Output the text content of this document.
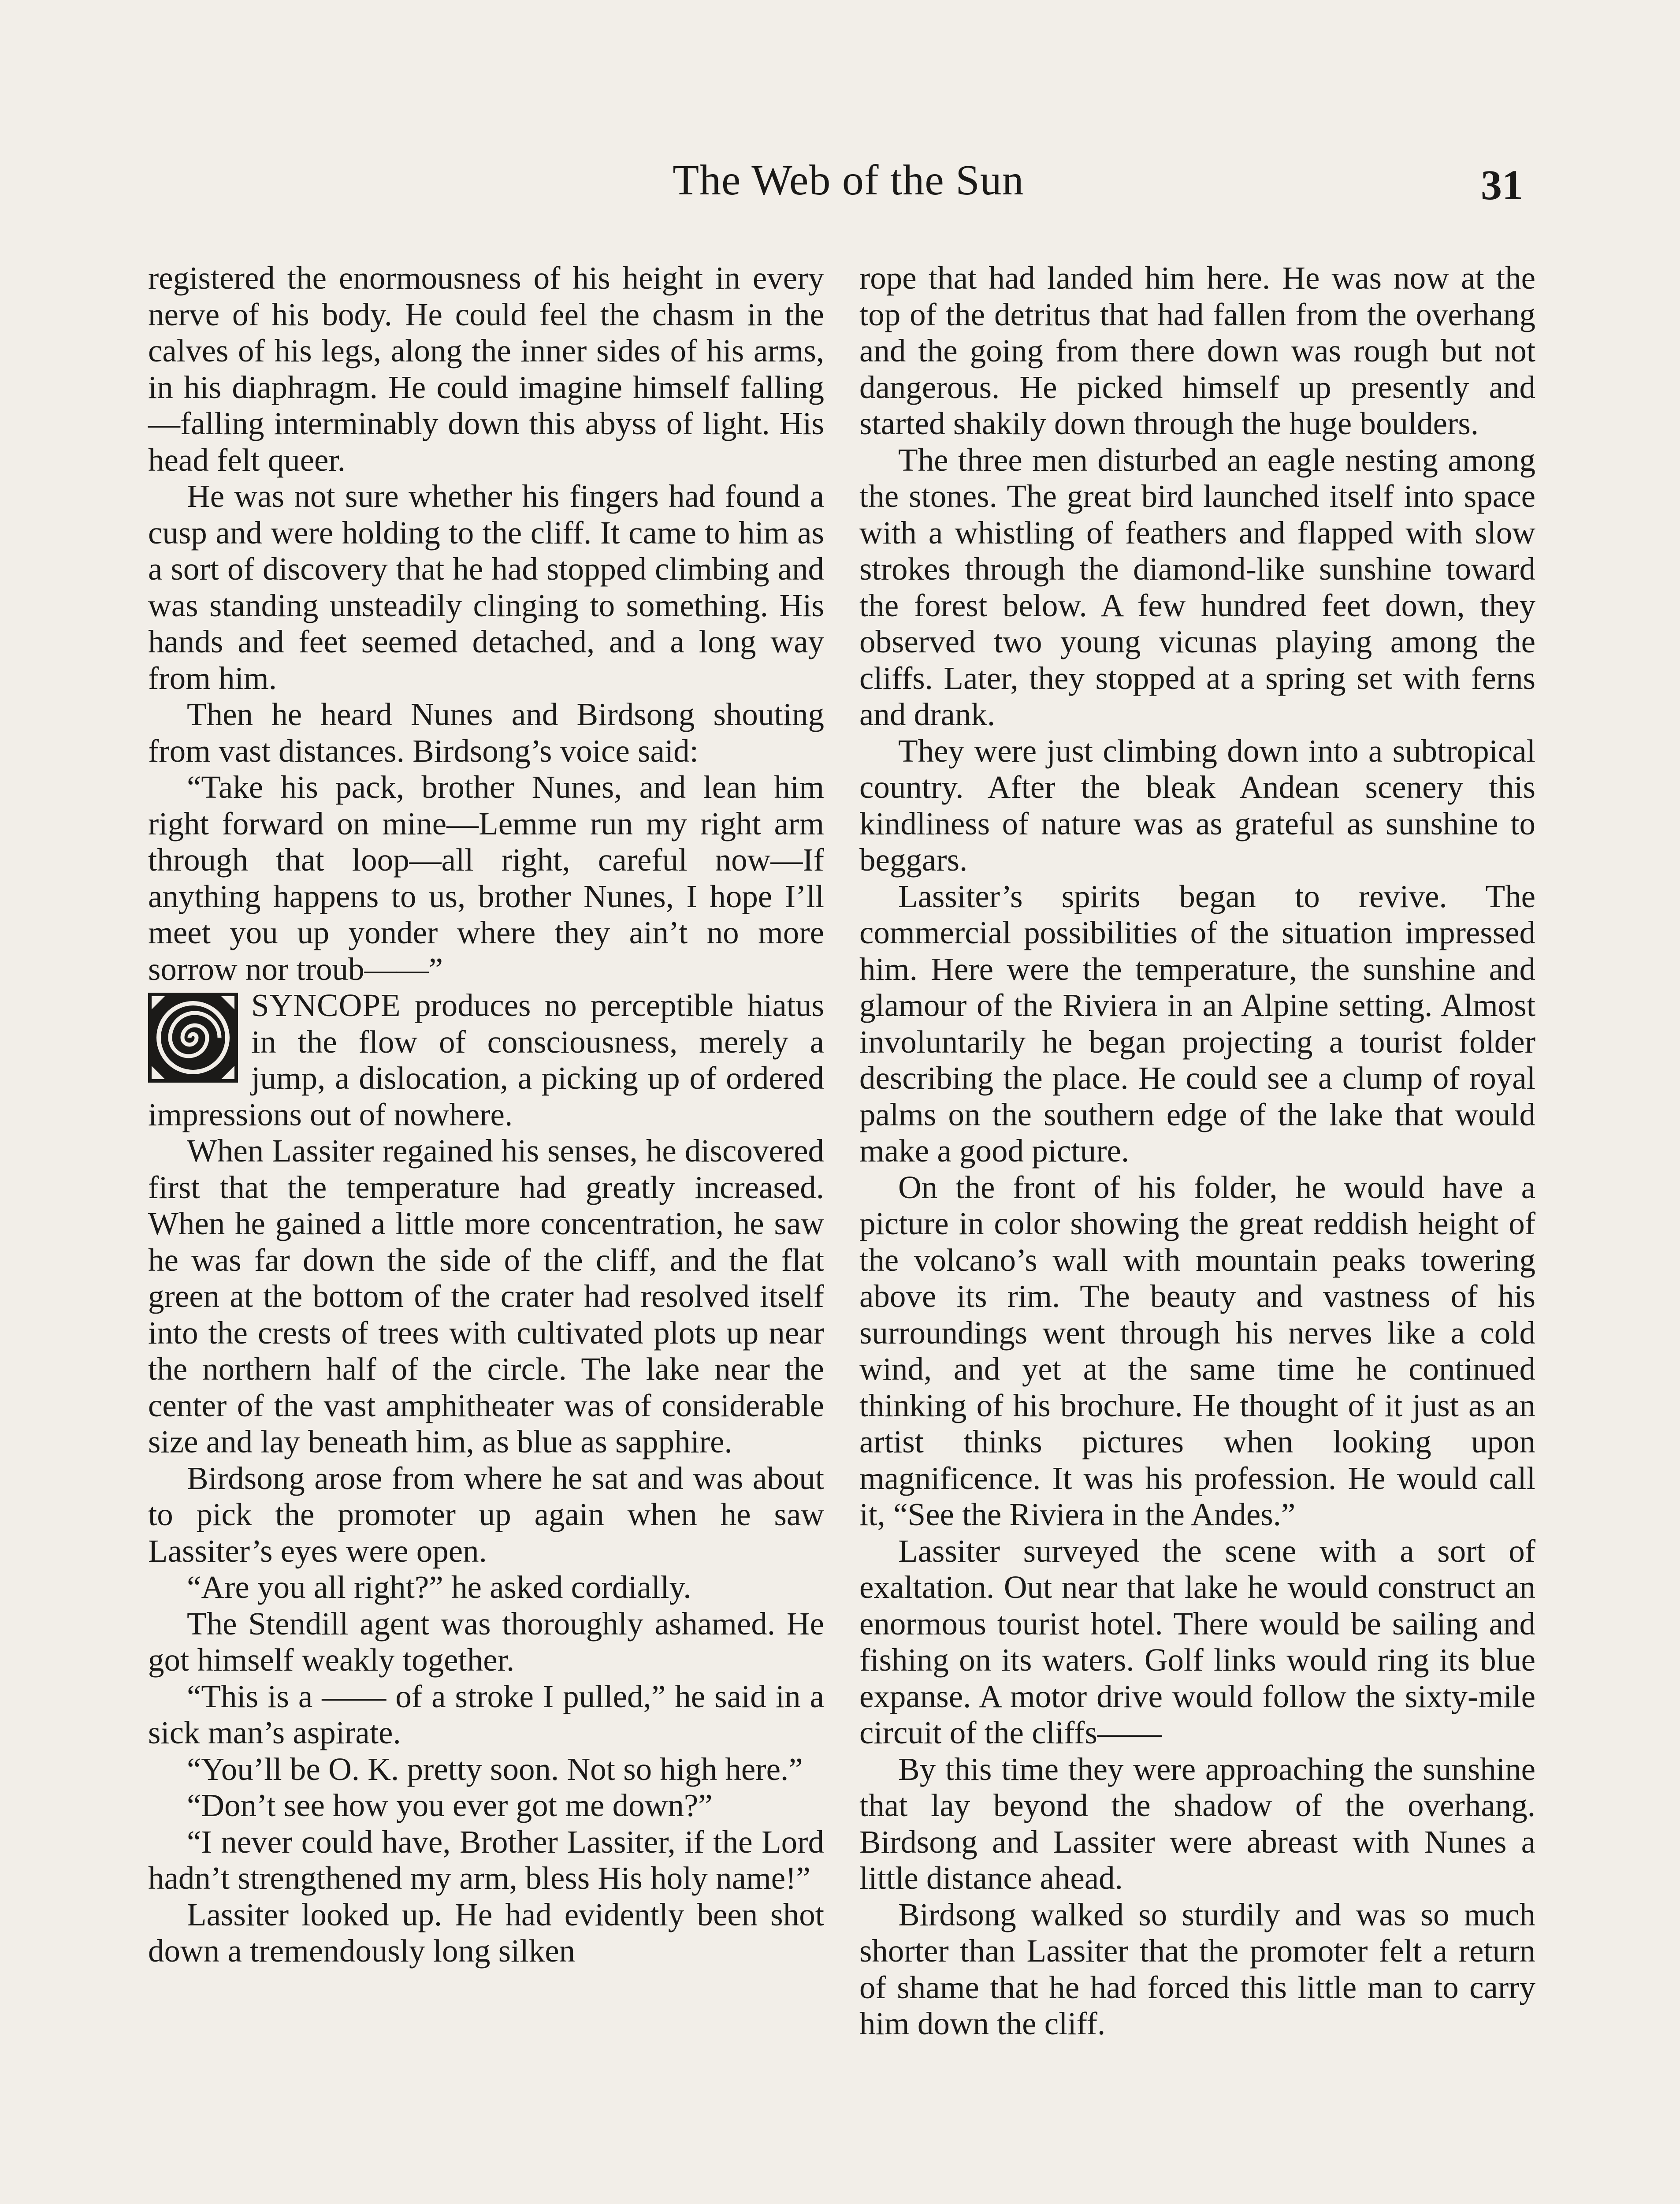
The Web of the Sun	31

registered the enormousness of his height in every nerve of his body. He could feel the chasm in the calves of his legs, along the inner sides of his arms, in his diaphragm. He could imagine himself falling—falling interminably down this abyss of light. His head felt queer.

He was not sure whether his fingers had found a cusp and were holding to the cliff. It came to him as a sort of discovery that he had stopped climbing and was standing unsteadily clinging to something. His hands and feet seemed detached, and a long way from him.

Then he heard Nunes and Birdsong shouting from vast distances. Birdsong’s voice said:

“Take his pack, brother Nunes, and lean him right forward on mine—Lemme run my right arm through that loop—all right, careful now—If anything happens to us, brother Nunes, I hope I’ll meet you up yonder where they ain’t no more sorrow nor troub——”

SYNCOPE produces no perceptible hiatus in the flow of consciousness, merely a jump, a dislocation, a picking up of ordered impressions out of nowhere.

When Lassiter regained his senses, he discovered first that the temperature had greatly increased. When he gained a little more concentration, he saw he was far down the side of the cliff, and the flat green at the bottom of the crater had resolved itself into the crests of trees with cultivated plots up near the northern half of the circle. The lake near the center of the vast amphitheater was of considerable size and lay beneath him, as blue as sapphire.

Birdsong arose from where he sat and was about to pick the promoter up again when he saw Lassiter’s eyes were open.

“Are you all right?” he asked cordially.

The Stendill agent was thoroughly ashamed. He got himself weakly together.

“This is a —— of a stroke I pulled,” he said in a sick man’s aspirate.

“You’ll be O. K. pretty soon. Not so high here.”

“Don’t see how you ever got me down?”

“I never could have, Brother Lassiter, if the Lord hadn’t strengthened my arm, bless His holy name!”

Lassiter looked up. He had evidently been shot down a tremendously long silken

rope that had landed him here. He was now at the top of the detritus that had fallen from the overhang and the going from there down was rough but not dangerous. He picked himself up presently and started shakily down through the huge boulders.

The three men disturbed an eagle nesting among the stones. The great bird launched itself into space with a whistling of feathers and flapped with slow strokes through the diamond-like sunshine toward the forest below. A few hundred feet down, they observed two young vicunas playing among the cliffs. Later, they stopped at a spring set with ferns and drank.

They were just climbing down into a subtropical country. After the bleak Andean scenery this kindliness of nature was as grateful as sunshine to beggars.

Lassiter’s spirits began to revive. The commercial possibilities of the situation impressed him. Here were the temperature, the sunshine and glamour of the Riviera in an Alpine setting. Almost involuntarily he began projecting a tourist folder describing the place. He could see a clump of royal palms on the southern edge of the lake that would make a good picture.

On the front of his folder, he would have a picture in color showing the great reddish height of the volcano’s wall with mountain peaks towering above its rim. The beauty and vastness of his surroundings went through his nerves like a cold wind, and yet at the same time he continued thinking of his brochure. He thought of it just as an artist thinks pictures when looking upon magnificence. It was his profession. He would call it, “See the Riviera in the Andes.”

Lassiter surveyed the scene with a sort of exaltation. Out near that lake he would construct an enormous tourist hotel. There would be sailing and fishing on its waters. Golf links would ring its blue expanse. A motor drive would follow the sixty-mile circuit of the cliffs——

By this time they were approaching the sunshine that lay beyond the shadow of the overhang. Birdsong and Lassiter were abreast with Nunes a little distance ahead.

Birdsong walked so sturdily and was so much shorter than Lassiter that the promoter felt a return of shame that he had forced this little man to carry him down the cliff.
